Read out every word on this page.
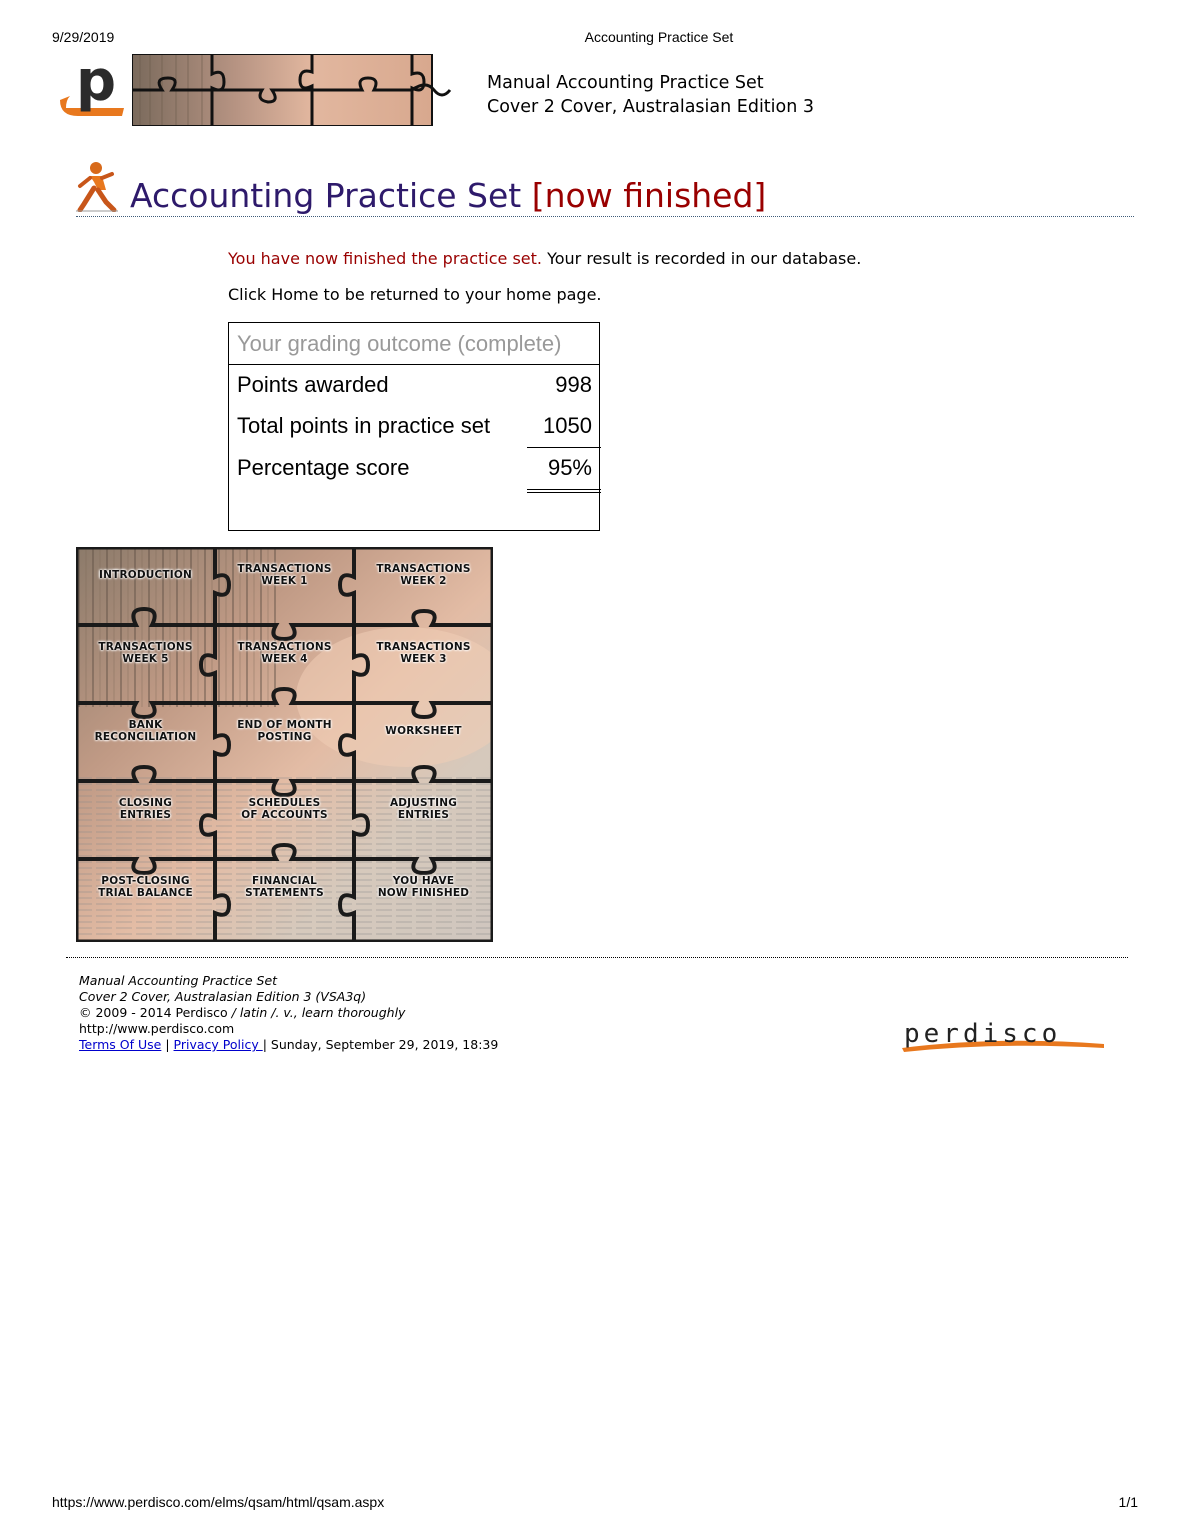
9/29/2019	Accounting Practice Set
p	Manual Accounting Practice Set
Cover 2 Cover, Australasian Edition 3
Accounting Practice Set [now finished]
You have now finished the practice set. Your result is recorded in our database.
Click Home to be returned to your home page.
Your grading outcome (complete)
Points awarded	998
Total points in practice set 1050
Percentage score	95%
INTRODUCTION	TRANSACTIONS
WEEK 1
TRANSACTIONS
WEEK 2
TRANSACTIONS
WEEK 5
TRANSACTIONS
WEEK 4
TRANSACTIONS
WEEK 3
BANK
RECONCILIATION
END OF MONTH
POSTING	WORKSHEET
CLOSING
ENTRIES
SCHEDULES
OF ACCOUNTS
ADJUSTING
ENTRIES
POST-CLOSING
TRIAL BALANCE
FINANCIAL
STATEMENTS
YOU HAVE
NOW FINISHED
Manual Accounting Practice Set
Cover 2 Cover, Australasian Edition 3 (VSA3q)
© 2009 - 2014 Perdisco / latin /. v., learn thoroughly
http://www.perdisco.com
Terms Of Use | Privacy Policy | Sunday, September 29, 2019, 18:39	perdisco
https://www.perdisco.com/elms/qsam/html/qsam.aspx	1/1
